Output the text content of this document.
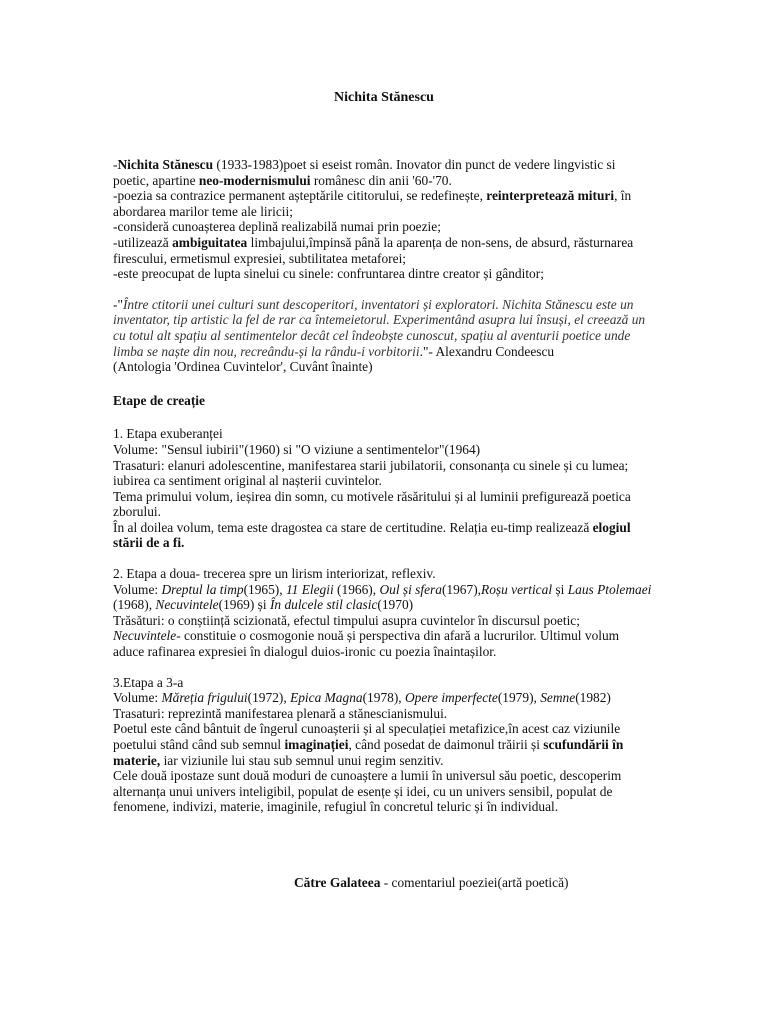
Nichita Stănescu

-Nichita Stănescu (1933-1983)poet si eseist român. Inovator din punct de vedere lingvistic si poetic, apartine neo-modernismului românesc din anii '60-'70.

-poezia sa contrazice permanent așteptările cititorului, se redefinește, reinterpretează mituri, în abordarea marilor teme ale liricii;

-consideră cunoașterea deplină realizabilă numai prin poezie;

-utilizează ambiguitatea limbajului,împinsă până la aparența de non-sens, de absurd, răsturnarea firescului, ermetismul expresiei, subtilitatea metaforei;

-este preocupat de lupta sinelui cu sinele: confruntarea dintre creator și gânditor;

-"Între ctitorii unei culturi sunt descoperitori, inventatori și exploratori. Nichita Stănescu este un inventator, tip artistic la fel de rar ca întemeietorul. Experimentând asupra lui însuși, el creează un cu totul alt spațiu al sentimentelor decât cel îndeobște cunoscut, spațiu al aventurii poetice unde limba se naște din nou, recreându-și la rându-i vorbitorii."- Alexandru Condeescu

(Antologia 'Ordinea Cuvintelor', Cuvânt înainte)

Etape de creație

1. Etapa exuberanței

Volume: "Sensul iubirii"(1960) si "O viziune a sentimentelor"(1964)

Trasaturi: elanuri adolescentine, manifestarea starii jubilatorii, consonanța cu sinele și cu lumea; iubirea ca sentiment original al nașterii cuvintelor.

Tema primului volum, ieșirea din somn, cu motivele răsăritului și al luminii prefigurează poetica zborului.

În al doilea volum, tema este dragostea ca stare de certitudine. Relația eu-timp realizează elogiul stării de a fi.

2. Etapa a doua- trecerea spre un lirism interiorizat, reflexiv.

Volume: Dreptul la timp(1965), 11 Elegii (1966), Oul și sfera(1967),Roșu vertical și Laus Ptolemaei (1968), Necuvintele(1969) și În dulcele stil clasic(1970)

Trăsături: o conștiință scizionată, efectul timpului asupra cuvintelor în discursul poetic;

Necuvintele- constituie o cosmogonie nouă și perspectiva din afară a lucrurilor. Ultimul volum aduce rafinarea expresiei în dialogul duios-ironic cu poezia înaintașilor.

3.Etapa a 3-a

Volume: Măreția frigului(1972), Epica Magna(1978), Opere imperfecte(1979), Semne(1982)

Trasaturi: reprezintă manifestarea plenară a stănescianismului.

Poetul este când bântuit de îngerul cunoașterii și al speculației metafizice,în acest caz viziunile poetului stând când sub semnul imaginației, când posedat de daimonul trăirii și scufundării în materie, iar viziunile lui stau sub semnul unui regim senzitiv.

Cele două ipostaze sunt două moduri de cunoaștere a lumii în universul său poetic, descoperim alternanța unui univers inteligibil, populat de esențe și idei, cu un univers sensibil, populat de fenomene, indivizi, materie, imaginile, refugiul în concretul teluric și în individual.

Către Galateea - comentariul poeziei(artă poetică)
